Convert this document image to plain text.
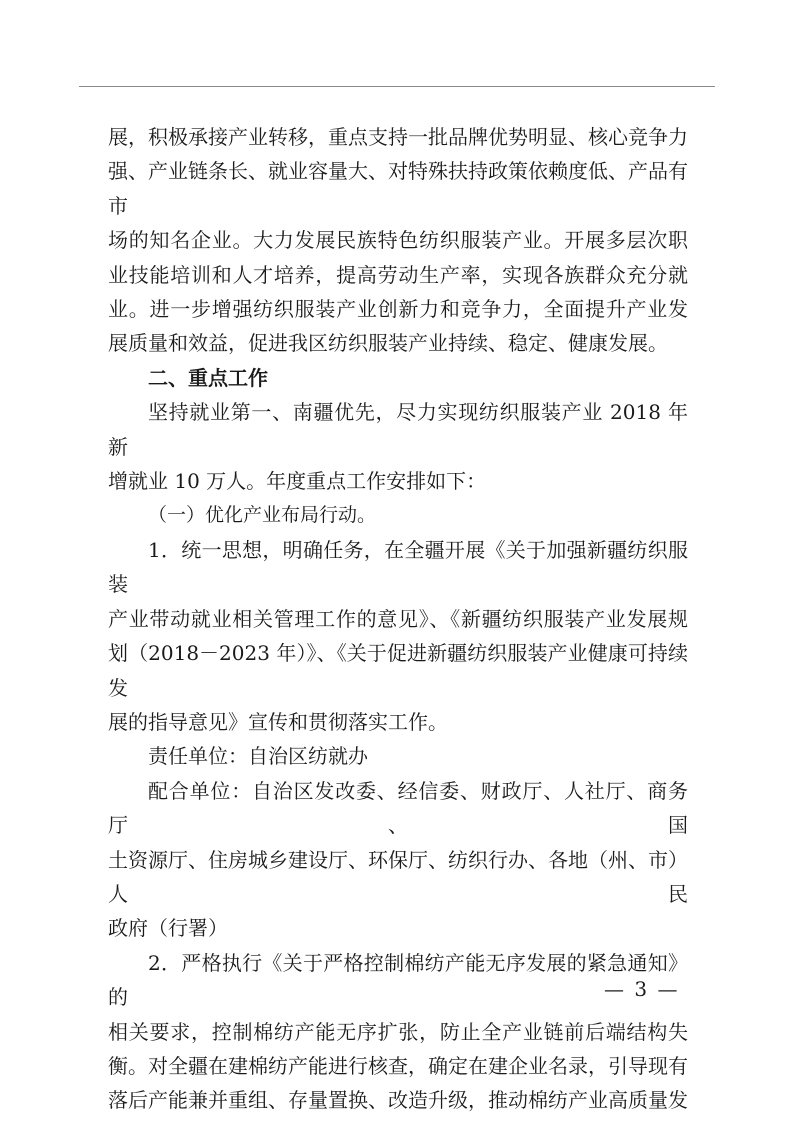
展，积极承接产业转移，重点支持一批品牌优势明显、核心竞争力

强、产业链条长、就业容量大、对特殊扶持政策依赖度低、产品有市

场的知名企业。大力发展民族特色纺织服装产业。开展多层次职

业技能培训和人才培养，提高劳动生产率，实现各族群众充分就

业。进一步增强纺织服装产业创新力和竞争力，全面提升产业发

展质量和效益，促进我区纺织服装产业持续、稳定、健康发展。

二、重点工作

坚持就业第一、南疆优先，尽力实现纺织服装产业 2018 年新

增就业 10 万人。年度重点工作安排如下：

（一）优化产业布局行动。

1．统一思想，明确任务，在全疆开展《关于加强新疆纺织服装

产业带动就业相关管理工作的意见》、《新疆纺织服装产业发展规

划（2018－2023 年）》、《关于促进新疆纺织服装产业健康可持续发

展的指导意见》宣传和贯彻落实工作。

责任单位：自治区纺就办

配合单位：自治区发改委、经信委、财政厅、人社厅、商务厅、国

土资源厅、住房城乡建设厅、环保厅、纺织行办、各地（州、市）人民

政府（行署）

2．严格执行《关于严格控制棉纺产能无序发展的紧急通知》的

相关要求，控制棉纺产能无序扩张，防止全产业链前后端结构失

衡。对全疆在建棉纺产能进行核查，确定在建企业名录，引导现有

落后产能兼并重组、存量置换、改造升级，推动棉纺产业高质量发

— 3 —
